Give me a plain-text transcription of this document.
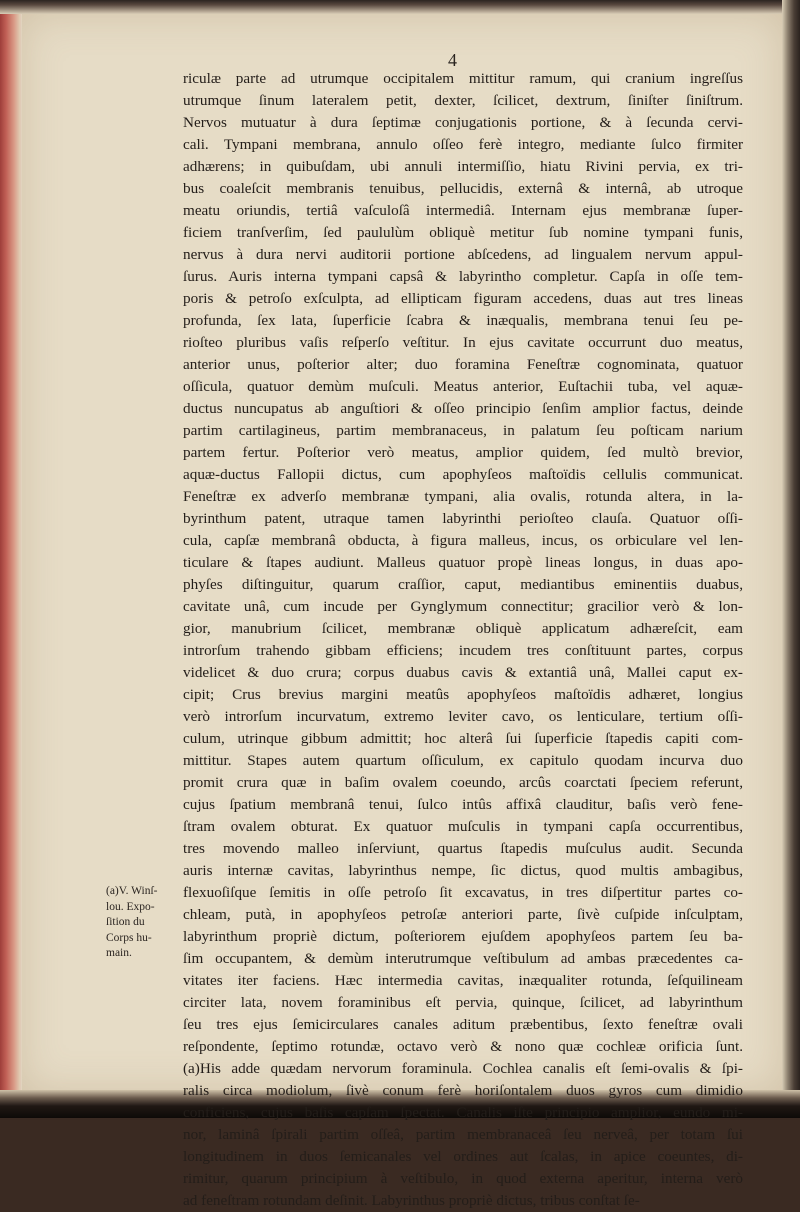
4
riculæ parte ad utrumque occipitalem mittitur ramum, qui cranium ingreſſus
utrumque ſinum lateralem petit, dexter, ſcilicet, dextrum, ſiniſter ſiniſtrum.
Nervos mutuatur à dura ſeptimæ conjugationis portione, & à ſecunda cervi-
cali. Tympani membrana, annulo oſſeo ferè integro, mediante ſulco firmiter
adhærens; in quibuſdam, ubi annuli intermiſſio, hiatu Rivini pervia, ex tri-
bus coaleſcit membranis tenuibus, pellucidis, externâ & internâ, ab utroque
meatu oriundis, tertiâ vaſculoſâ intermediâ. Internam ejus membranæ ſuper-
ficiem tranſverſim, ſed paululùm obliquè metitur ſub nomine tympani funis,
nervus à dura nervi auditorii portione abſcedens, ad lingualem nervum appul-
ſurus. Auris interna tympani capsâ & labyrintho completur. Capſa in oſſe tem-
poris & petroſo exſculpta, ad ellipticam figuram accedens, duas aut tres lineas
profunda, ſex lata, ſuperficie ſcabra & inæqualis, membrana tenui ſeu pe-
rioſteo pluribus vaſis reſperſo veſtitur. In ejus cavitate occurrunt duo meatus,
anterior unus, poſterior alter; duo foramina Feneſtræ cognominata, quatuor
oſſicula, quatuor demùm muſculi. Meatus anterior, Euſtachii tuba, vel aquæ-
ductus nuncupatus ab anguſtiori & oſſeo principio ſenſim amplior factus, deinde
partim cartilagineus, partim membranaceus, in palatum ſeu poſticam narium
partem fertur. Poſterior verò meatus, amplior quidem, ſed multò brevior,
aquæ-ductus Fallopii dictus, cum apophyſeos maſtoïdis cellulis communicat.
Feneſtræ ex adverſo membranæ tympani, alia ovalis, rotunda altera, in la-
byrinthum patent, utraque tamen labyrinthi perioſteo clauſa. Quatuor oſſi-
cula, capſæ membranâ obducta, à figura malleus, incus, os orbiculare vel len-
ticulare & ſtapes audiunt. Malleus quatuor propè lineas longus, in duas apo-
phyſes diſtinguitur, quarum craſſior, caput, mediantibus eminentiis duabus,
cavitate unâ, cum incude per Gynglymum connectitur; gracilior verò & lon-
gior, manubrium ſcilicet, membranæ obliquè applicatum adhæreſcit, eam
introrſum trahendo gibbam efficiens; incudem tres conſtituunt partes, corpus
videlicet & duo crura; corpus duabus cavis & extantiâ unâ, Mallei caput ex-
cipit; Crus brevius margini meatûs apophyſeos maſtoïdis adhæret, longius
verò introrſum incurvatum, extremo leviter cavo, os lenticulare, tertium oſſi-
culum, utrinque gibbum admittit; hoc alterâ ſui ſuperficie ſtapedis capiti com-
mittitur. Stapes autem quartum oſſiculum, ex capitulo quodam incurva duo
promit crura quæ in baſim ovalem coeundo, arcûs coarctati ſpeciem referunt,
cujus ſpatium membranâ tenui, ſulco intûs affixâ clauditur, baſis verò fene-
ſtram ovalem obturat. Ex quatuor muſculis in tympani capſa occurrentibus,
tres movendo malleo inſerviunt, quartus ſtapedis muſculus audit. Secunda
auris internæ cavitas, labyrinthus nempe, ſic dictus, quod multis ambagibus,
flexuoſiſque ſemitis in oſſe petroſo ſit excavatus, in tres diſpertitur partes co-
chleam, putà, in apophyſeos petroſæ anteriori parte, ſivè cuſpide inſculptam,
labyrinthum propriè dictum, poſteriorem ejuſdem apophyſeos partem ſeu ba-
ſim occupantem, & demùm interutrumque veſtibulum ad ambas præcedentes ca-
vitates iter faciens. Hæc intermedia cavitas, inæqualiter rotunda, ſeſquilineam
circiter lata, novem foraminibus eſt pervia, quinque, ſcilicet, ad labyrinthum
ſeu tres ejus ſemicirculares canales aditum præbentibus, ſexto feneſtræ ovali
reſpondente, ſeptimo rotundæ, octavo verò & nono quæ cochleæ orificia ſunt.
(a)His adde quædam nervorum foraminula. Cochlea canalis eſt ſemi-ovalis & ſpi-
ralis circa modiolum, ſivè conum ferè horiſontalem duos gyros cum dimidio
conficiens, cujus baſis capſam ſpectat. Canalis iſte principio amplior, eundo mi-
nor, laminâ ſpirali partim oſſeâ, partim membranaceâ ſeu nerveâ, per totam ſui
longitudinem in duos ſemicanales vel ordines aut ſcalas, in apice coeuntes, di-
rimitur, quarum principium à veſtibulo, in quod externa aperitur, interna verò
ad feneſtram rotundam deſinit. Labyrinthus propriè dictus, tribus conſtat ſe-
(a)V. Winſ-
lou. Expo-
ſition du
Corps hu-
main.
